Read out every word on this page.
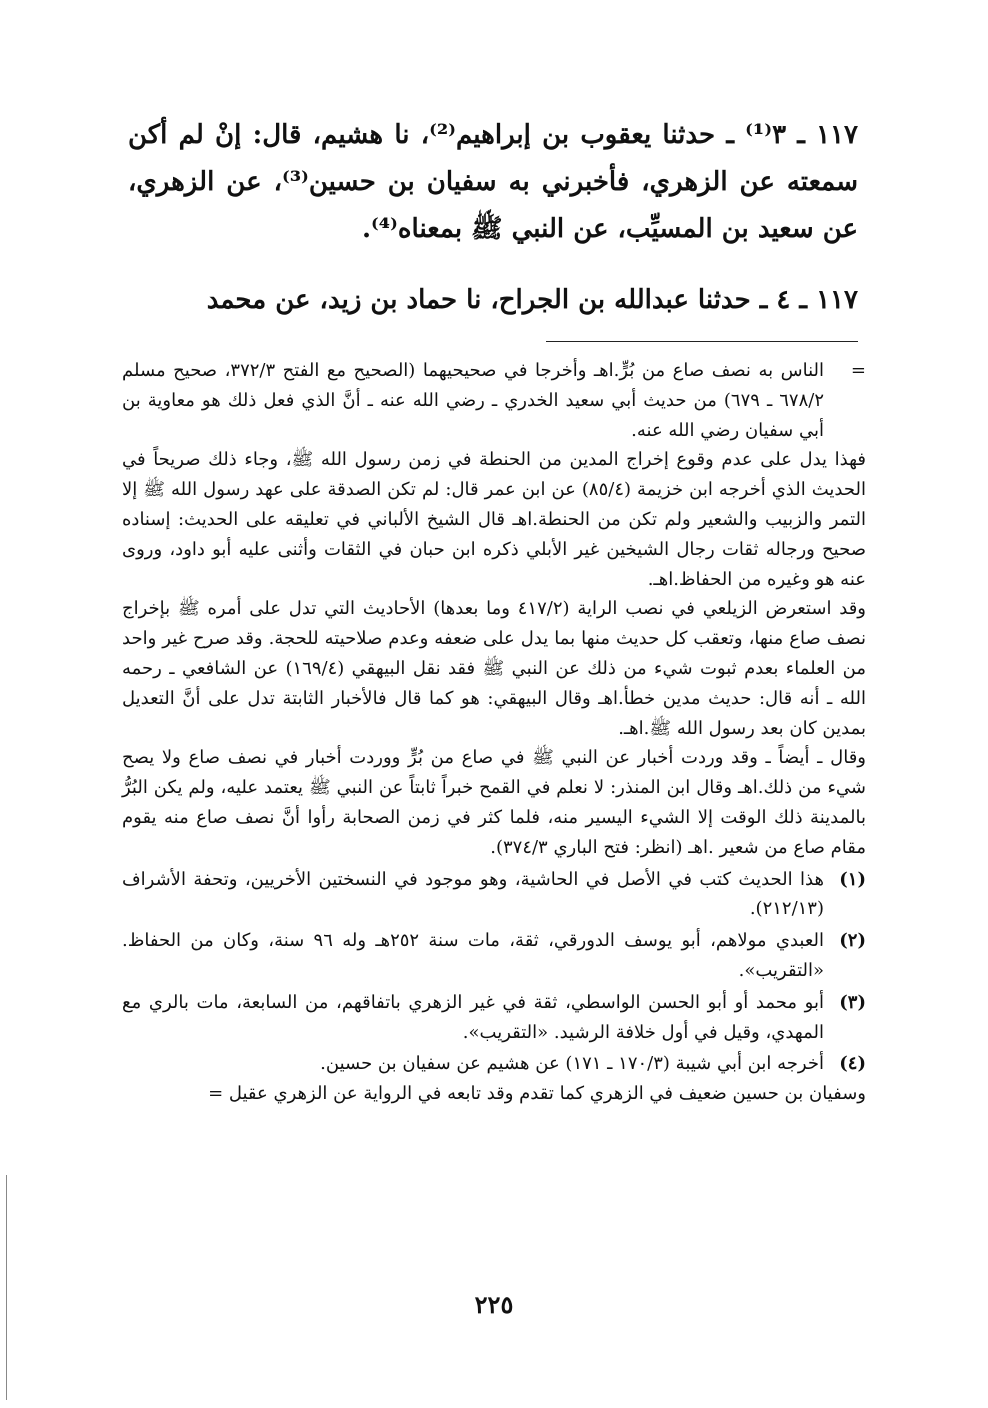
١١٧ ـ ٣⁽¹⁾ ـ حدثنا يعقوب بن إبراهيم⁽²⁾، نا هشيم، قال: إنْ لم أكن سمعته عن الزهري، فأخبرني به سفيان بن حسين⁽³⁾، عن الزهري، عن سعيد بن المسيِّب، عن النبي ﷺ بمعناه⁽⁴⁾.

١١٧ ـ ٤ ـ حدثنا عبدالله بن الجراح، نا حماد بن زيد، عن محمد

=
الناس به نصف صاع من بُرٍّ.اهـ وأخرجا في صحيحيهما (الصحيح مع الفتح ٣٧٢/٣، صحيح مسلم ٦٧٨/٢ ـ ٦٧٩) من حديث أبي سعيد الخدري ـ رضي الله عنه ـ أنَّ الذي فعل ذلك هو معاوية بن أبي سفيان رضي الله عنه.

فهذا يدل على عدم وقوع إخراج المدين من الحنطة في زمن رسول الله ﷺ، وجاء ذلك صريحاً في الحديث الذي أخرجه ابن خزيمة (٨٥/٤) عن ابن عمر قال: لم تكن الصدقة على عهد رسول الله ﷺ إلا التمر والزبيب والشعير ولم تكن من الحنطة.اهـ قال الشيخ الألباني في تعليقه على الحديث: إسناده صحيح ورجاله ثقات رجال الشيخين غير الأبلي ذكره ابن حبان في الثقات وأثنى عليه أبو داود، وروى عنه هو وغيره من الحفاظ.اهـ.

وقد استعرض الزيلعي في نصب الراية (٤١٧/٢ وما بعدها) الأحاديث التي تدل على أمره ﷺ بإخراج نصف صاع منها، وتعقب كل حديث منها بما يدل على ضعفه وعدم صلاحيته للحجة. وقد صرح غير واحد من العلماء بعدم ثبوت شيء من ذلك عن النبي ﷺ فقد نقل البيهقي (١٦٩/٤) عن الشافعي ـ رحمه الله ـ أنه قال: حديث مدين خطأ.اهـ وقال البيهقي: هو كما قال فالأخبار الثابتة تدل على أنَّ التعديل بمدين كان بعد رسول الله ﷺ.اهـ.

وقال ـ أيضاً ـ وقد وردت أخبار عن النبي ﷺ في صاع من بُرٍّ ووردت أخبار في نصف صاع ولا يصح شيء من ذلك.اهـ وقال ابن المنذر: لا نعلم في القمح خبراً ثابتاً عن النبي ﷺ يعتمد عليه، ولم يكن البُرُّ بالمدينة ذلك الوقت إلا الشيء اليسير منه، فلما كثر في زمن الصحابة رأوا أنَّ نصف صاع منه يقوم مقام صاع من شعير .اهـ (انظر: فتح الباري ٣٧٤/٣).

(١)
هذا الحديث كتب في الأصل في الحاشية، وهو موجود في النسختين الأخريين، وتحفة الأشراف (٢١٢/١٣).

(٢)
العبدي مولاهم، أبو يوسف الدورقي، ثقة، مات سنة ٢٥٢هـ وله ٩٦ سنة، وكان من الحفاظ. «التقريب».

(٣)
أبو محمد أو أبو الحسن الواسطي، ثقة في غير الزهري باتفاقهم، من السابعة، مات بالري مع المهدي، وقيل في أول خلافة الرشيد. «التقريب».

(٤)
أخرجه ابن أبي شيبة (١٧٠/٣ ـ ١٧١) عن هشيم عن سفيان بن حسين.

وسفيان بن حسين ضعيف في الزهري كما تقدم وقد تابعه في الرواية عن الزهري عقيل =

٢٢٥
